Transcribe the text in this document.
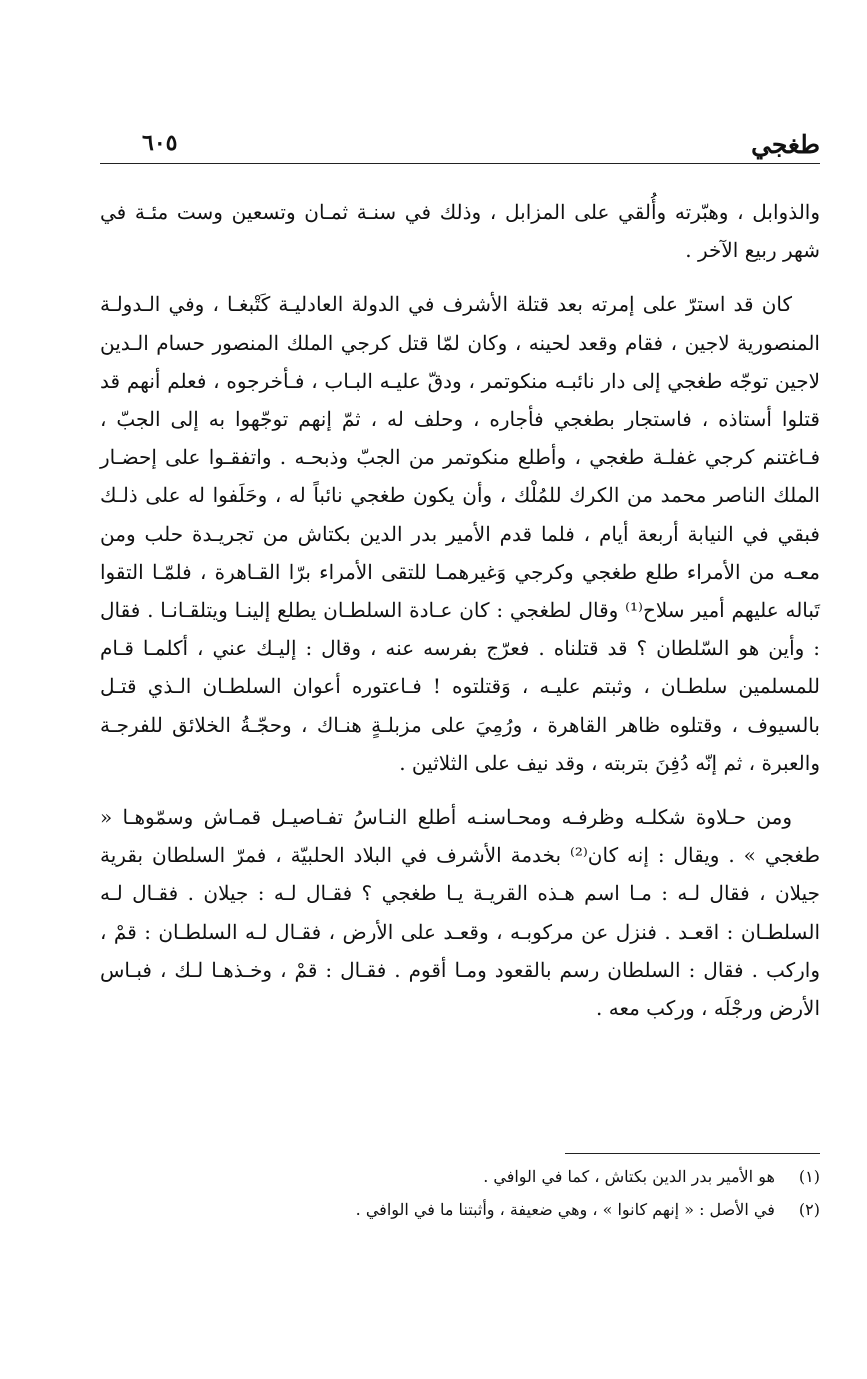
طغجي
٦٠٥

والذوابل ، وهبّرته وأُلقي على المزابل ، وذلك في سنـة ثمـان وتسعين وست مئـة في شهر ربيع الآخر .

كان قد استرّ على إمرته بعد قتلة الأشرف في الدولة العادليـة كَتْبغـا ، وفي الـدولـة المنصورية لاجين ، فقام وقعد لحينه ، وكان لمّا قتل كرجي الملك المنصور حسام الـدين لاجين توجّه طغجي إلى دار نائبـه منكوتمر ، ودقّ عليـه البـاب ، فـأخرجوه ، فعلم أنهم قد قتلوا أستاذه ، فاستجار بطغجي فأجاره ، وحلف له ، ثمّ إنهم توجّهوا به إلى الجبّ ، فـاغتنم كرجي غفلـة طغجي ، وأطلع منكوتمر من الجبّ وذبحـه . واتفقـوا على إحضـار الملك الناصر محمد من الكرك للمُلْك ، وأن يكون طغجي نائباً له ، وحَلَفوا له على ذلـك فبقي في النيابة أربعة أيام ، فلما قدم الأمير بدر الدين بكتاش من تجريـدة حلب ومن معـه من الأمراء طلع طغجي وكرجي وَغيرهمـا للتقى الأمراء برّا القـاهرة ، فلمّـا التقوا تَباله عليهم أمير سلاح⁽¹⁾ وقال لطغجي : كان عـادة السلطـان يطلع إلينـا ويتلقـانـا . فقال : وأين هو السّلطان ؟ قد قتلناه . فعرّج بفرسه عنه ، وقال : إليـك عني ، أكلمـا قـام للمسلمين سلطـان ، وثبتم عليـه ، وَقتلتوه ! فـاعتوره أعوان السلطـان الـذي قتـل بالسيوف ، وقتلوه ظاهر القاهرة ، ورُمِيَ على مزبلـةٍ هنـاك ، وحجّـةُ الخلائق للفرجـة والعبرة ، ثم إنّه دُفِنَ بتربته ، وقد نيف على الثلاثين .

ومن حـلاوة شكلـه وظرفـه ومحـاسنـه أطلع النـاسُ تفـاصيـل قمـاش وسمّوهـا « طغجي » . ويقال : إنه كان⁽²⁾ بخدمة الأشرف في البلاد الحلبيّة ، فمرّ السلطان بقرية جيلان ، فقال لـه : مـا اسم هـذه القريـة يـا طغجي ؟ فقـال لـه : جيلان . فقـال لـه السلطـان : اقعـد . فنزل عن مركوبـه ، وقعـد على الأرض ، فقـال لـه السلطـان : قمْ ، واركب . فقال : السلطان رسم بالقعود ومـا أقوم . فقـال : قمْ ، وخـذهـا لـك ، فبـاس الأرض ورجْلَه ، وركب معه .

(١) هو الأمير بدر الدين بكتاش ، كما في الوافي .

(٢) في الأصل : « إنهم كانوا » ، وهي ضعيفة ، وأثبتنا ما في الوافي .
